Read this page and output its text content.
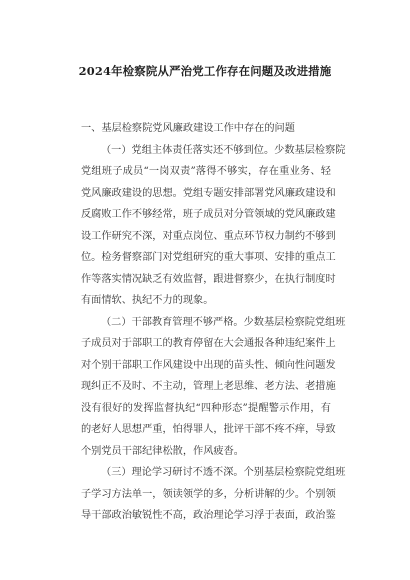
2024年检察院从严治党工作存在问题及改进措施

一、基层检察院党风廉政建设工作中存在的问题

（一）党组主体责任落实还不够到位。少数基层检察院
党组班子成员“一岗双责”落得不够实，存在重业务、轻
党风廉政建设的思想。党组专题安排部署党风廉政建设和
反腐败工作不够经常，班子成员对分管领域的党风廉政建
设工作研究不深，对重点岗位、重点环节权力制约不够到
位。检务督察部门对党组研究的重大事项、安排的重点工
作等落实情况缺乏有效监督，跟进督察少，在执行制度时
有面情软、执纪不力的现象。
（二）干部教育管理不够严格。少数基层检察院党组班
子成员对于部职工的教育停留在大会通报各种违纪案件上
对个别干部职工作风建设中出现的苗头性、倾向性问题发
现纠正不及时、不主动，管理上老思维、老方法、老措施
没有很好的发挥监督执纪“四种形态”提醒警示作用，有
的老好人思想严重，怕得罪人，批评干部不疼不痒，导致
个别党员干部纪律松散，作风疲沓。
（三）理论学习研讨不透不深。个别基层检察院党组班
子学习方法单一，领读领学的多，分析讲解的少。个别领
导干部政治敏锐性不高，政治理论学习浮于表面，政治鉴
